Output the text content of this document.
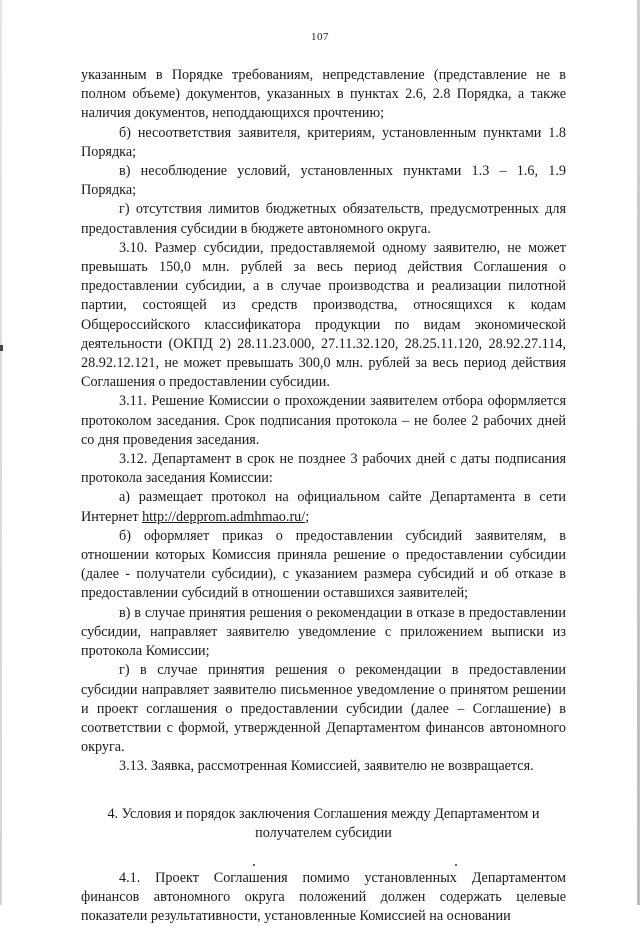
107

указанным в Порядке требованиям, непредставление (представление не в полном объеме) документов, указанных в пунктах 2.6, 2.8 Порядка, а также наличия документов, неподдающихся прочтению;

б) несоответствия заявителя, критериям, установленным пунктами 1.8 Порядка;

в) несоблюдение условий, установленных пунктами 1.3 – 1.6, 1.9 Порядка;

г) отсутствия лимитов бюджетных обязательств, предусмотренных для предоставления субсидии в бюджете автономного округа.

3.10. Размер субсидии, предоставляемой одному заявителю, не может превышать 150,0 млн. рублей за весь период действия Соглашения о предоставлении субсидии, а в случае производства и реализации пилотной партии, состоящей из средств производства, относящихся к кодам Общероссийского классификатора продукции по видам экономической деятельности (ОКПД 2) 28.11.23.000, 27.11.32.120, 28.25.11.120, 28.92.27.114, 28.92.12.121, не может превышать 300,0 млн. рублей за весь период действия Соглашения о предоставлении субсидии.

3.11. Решение Комиссии о прохождении заявителем отбора оформляется протоколом заседания. Срок подписания протокола – не более 2 рабочих дней со дня проведения заседания.

3.12. Департамент в срок не позднее 3 рабочих дней с даты подписания протокола заседания Комиссии:

а) размещает протокол на официальном сайте Департамента в сети Интернет http://depprom.admhmao.ru/;

б) оформляет приказ о предоставлении субсидий заявителям, в отношении которых Комиссия приняла решение о предоставлении субсидии (далее - получатели субсидии), с указанием размера субсидий и об отказе в предоставлении субсидий в отношении оставшихся заявителей;

в) в случае принятия решения о рекомендации в отказе в предоставлении субсидии, направляет заявителю уведомление с приложением выписки из протокола Комиссии;

г) в случае принятия решения о рекомендации в предоставлении субсидии направляет заявителю письменное уведомление о принятом решении и проект соглашения о предоставлении субсидии (далее – Соглашение) в соответствии с формой, утвержденной Департаментом финансов автономного округа.

3.13. Заявка, рассмотренная Комиссией, заявителю не возвращается.

4. Условия и порядок заключения Соглашения между Департаментом и получателем субсидии

4.1. Проект Соглашения помимо установленных Департаментом финансов автономного округа положений должен содержать целевые показатели результативности, установленные Комиссией на основании
